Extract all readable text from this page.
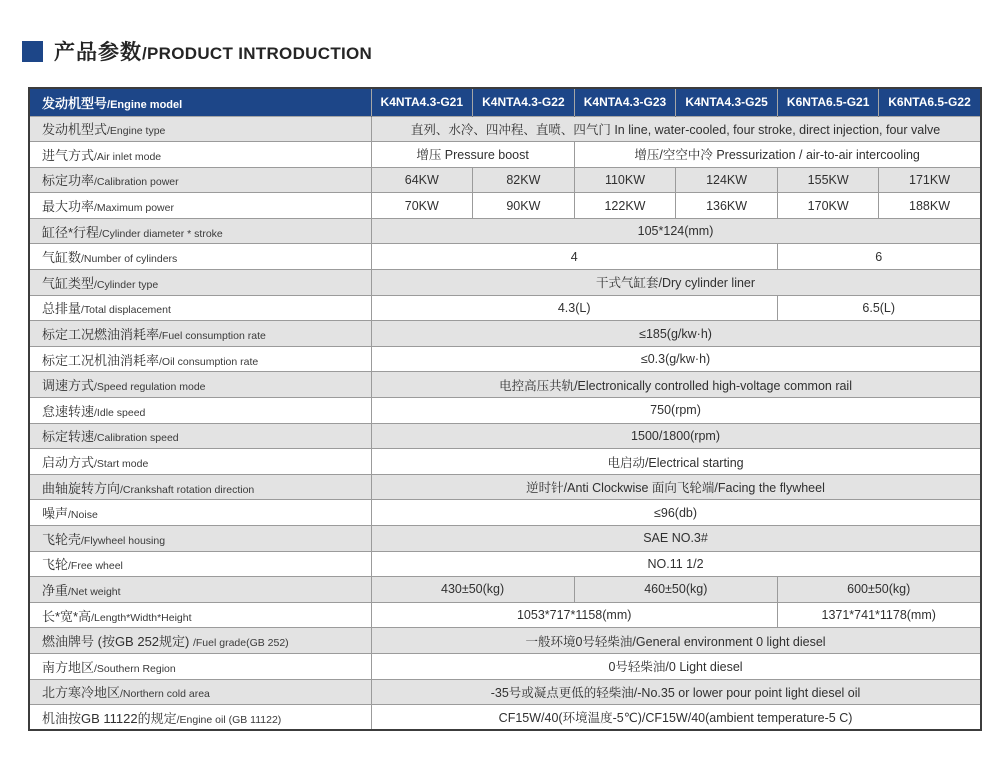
产品参数/PRODUCT INTRODUCTION
发动机型号/Engine model	K4NTA4.3-G21	K4NTA4.3-G22	K4NTA4.3-G23	K4NTA4.3-G25	K6NTA6.5-G21	K6NTA6.5-G22
发动机型式/Engine type	直列、水冷、四冲程、直喷、四气门 In line, water-cooled, four stroke, direct injection, four valve					
进气方式/Air inlet mode	增压 Pressure boost		增压/空空中冷 Pressurization / air-to-air intercooling			
标定功率/Calibration power	64KW	82KW	110KW	124KW	155KW	171KW
最大功率/Maximum power	70KW	90KW	122KW	136KW	170KW	188KW
缸径*行程/Cylinder diameter * stroke	105*124(mm)					
气缸数/Number of cylinders	4				6	
气缸类型/Cylinder type	干式气缸套/Dry cylinder liner					
总排量/Total displacement	4.3(L)				6.5(L)	
标定工况燃油消耗率/Fuel consumption rate	≤185(g/kw·h)					
标定工况机油消耗率/Oil consumption rate	≤0.3(g/kw·h)					
调速方式/Speed regulation mode	电控高压共轨/Electronically controlled high-voltage common rail					
怠速转速/Idle speed	750(rpm)					
标定转速/Calibration speed	1500/1800(rpm)					
启动方式/Start mode	电启动/Electrical starting					
曲轴旋转方向/Crankshaft rotation direction	逆时针/Anti Clockwise 面向飞轮端/Facing the flywheel					
噪声/Noise	≤96(db)					
飞轮壳/Flywheel housing	SAE NO.3#					
飞轮/Free wheel	NO.11 1/2					
净重/Net weight	430±50(kg)		460±50(kg)		600±50(kg)	
长*宽*高/Length*Width*Height	1053*717*1158(mm)				1371*741*1178(mm)	
燃油牌号 (按GB 252规定) /Fuel grade(GB 252)	一般环境0号轻柴油/General environment 0 light diesel					
南方地区/Southern Region	0号轻柴油/0 Light diesel					
北方寒冷地区/Northern cold area	-35号或凝点更低的轻柴油/-No.35 or lower pour point light diesel oil					
机油按GB 11122的规定/Engine oil (GB 11122)	CF15W/40(环境温度-5℃)/CF15W/40(ambient temperature-5 C)					
